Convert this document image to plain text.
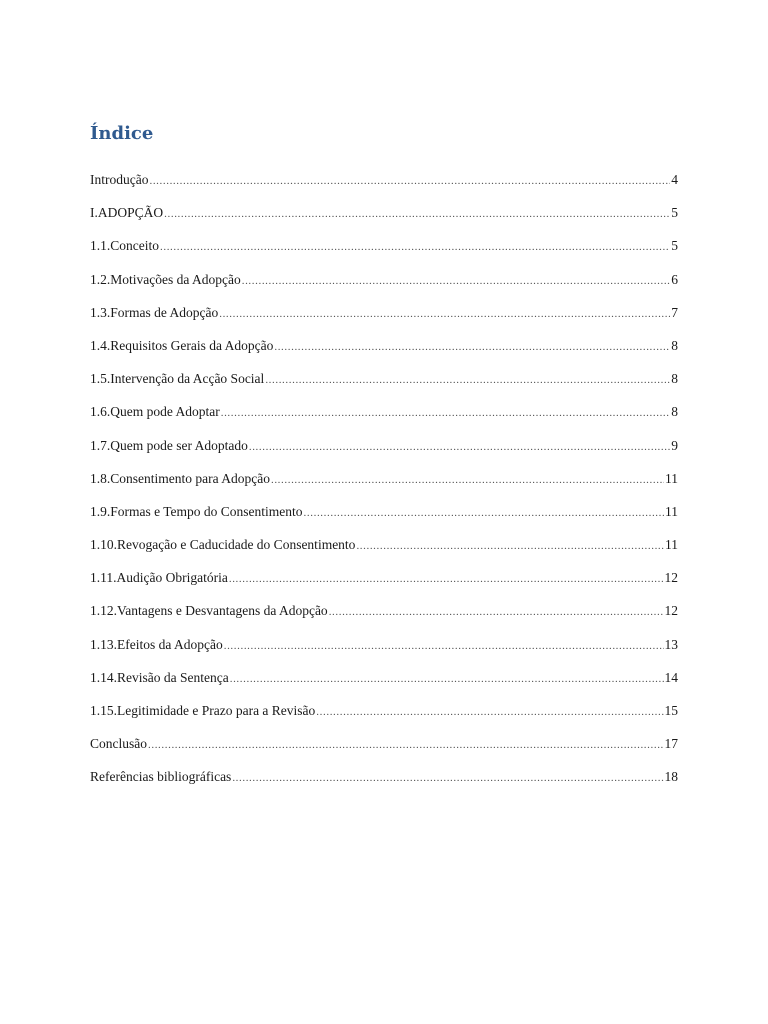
Índice
Introdução .....	4
I.ADOPÇÃO .....	5
1.1.Conceito .....	5
1.2.Motivações da Adopção .....	6
1.3.Formas de Adopção .....	7
1.4.Requisitos Gerais da Adopção .....	8
1.5.Intervenção da Acção Social .....	8
1.6.Quem pode Adoptar .....	8
1.7.Quem pode ser Adoptado .....	9
1.8.Consentimento para Adopção .....	11
1.9.Formas e Tempo do Consentimento .....	11
1.10.Revogação e Caducidade do Consentimento .....	11
1.11.Audição Obrigatória .....	12
1.12.Vantagens e Desvantagens da Adopção .....	12
1.13.Efeitos da Adopção .....	13
1.14.Revisão da Sentença .....	14
1.15.Legitimidade e Prazo para a Revisão .....	15
Conclusão .....	17
Referências bibliográficas .....	18
